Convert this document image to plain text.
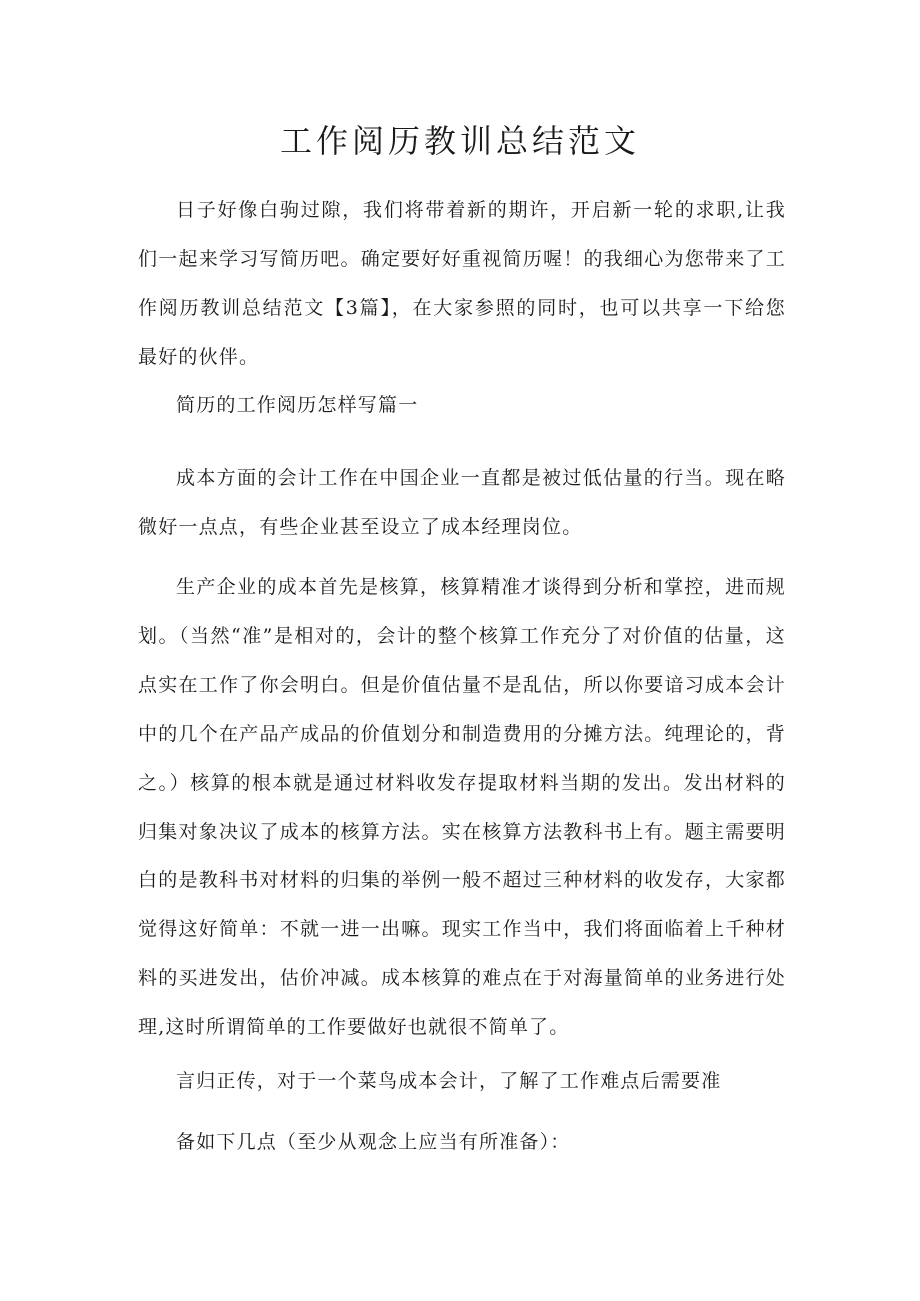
工作阅历教训总结范文

日子好像白驹过隙，我们将带着新的期许，开启新一轮的求职,让我们一起来学习写简历吧。确定要好好重视简历喔！的我细心为您带来了工作阅历教训总结范文【3篇】，在大家参照的同时，也可以共享一下给您最好的伙伴。

简历的工作阅历怎样写篇一

成本方面的会计工作在中国企业一直都是被过低估量的行当。现在略微好一点点，有些企业甚至设立了成本经理岗位。

生产企业的成本首先是核算，核算精准才谈得到分析和掌控，进而规划。（当然“准”是相对的，会计的整个核算工作充分了对价值的估量，这点实在工作了你会明白。但是价值估量不是乱估，所以你要谙习成本会计中的几个在产品产成品的价值划分和制造费用的分摊方法。纯理论的，背之。）核算的根本就是通过材料收发存提取材料当期的发出。发出材料的归集对象决议了成本的核算方法。实在核算方法教科书上有。题主需要明白的是教科书对材料的归集的举例一般不超过三种材料的收发存，大家都觉得这好简单：不就一进一出嘛。现实工作当中，我们将面临着上千种材料的买进发出，估价冲减。成本核算的难点在于对海量简单的业务进行处理,这时所谓简单的工作要做好也就很不简单了。

言归正传，对于一个菜鸟成本会计，了解了工作难点后需要准

备如下几点（至少从观念上应当有所准备）：
